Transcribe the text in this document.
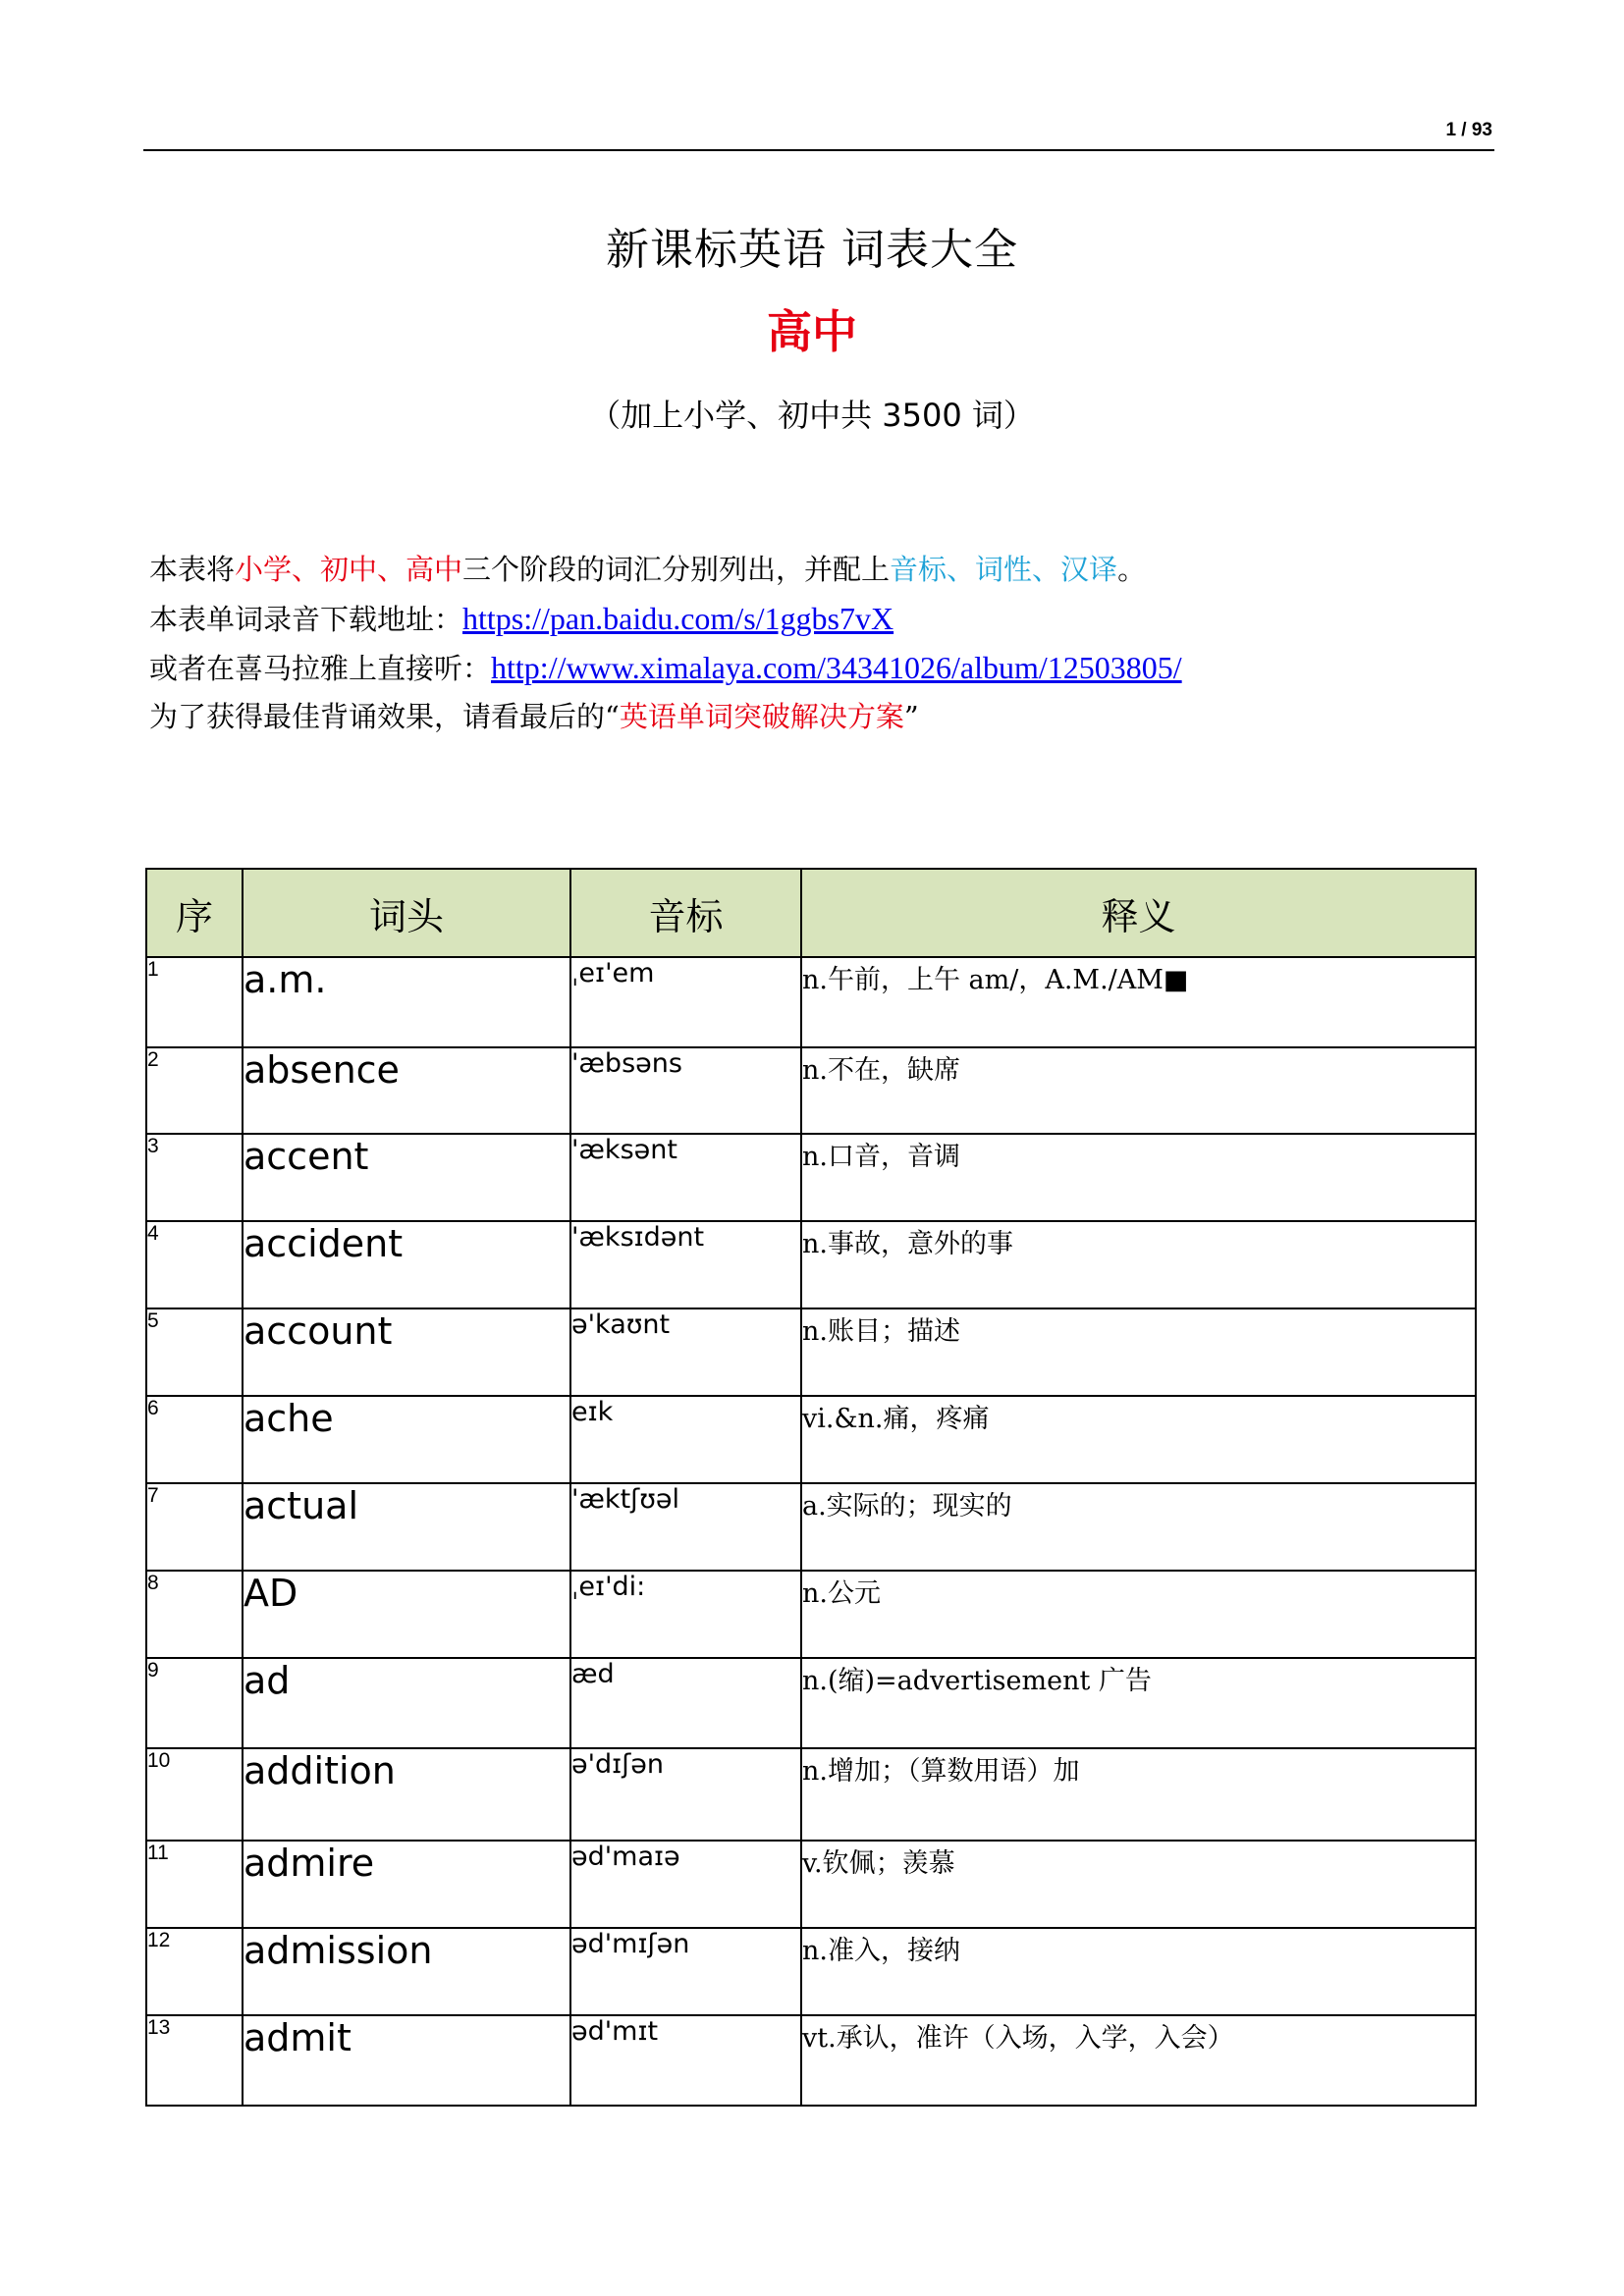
1 / 93
新课标英语 词表大全
高中
（加上小学、初中共 3500 词）
本表将小学、初中、高中三个阶段的词汇分别列出，并配上音标、词性、汉译。
本表单词录音下载地址：https://pan.baidu.com/s/1ggbs7vX
或者在喜马拉雅上直接听：http://www.ximalaya.com/34341026/album/12503805/
为了获得最佳背诵效果，请看最后的“英语单词突破解决方案”
序	词头	音标	释义
1	a.m.	ˌeɪ'em	n.午前，上午 am/，A.M./AM■
2	absence	'æbsəns	n.不在，缺席
3	accent	'æksənt	n.口音，音调
4	accident	'æksɪdənt	n.事故，意外的事
5	account	ə'kaʊnt	n.账目；描述
6	ache	eɪk	vi.&n.痛，疼痛
7	actual	'æktʃʊəl	a.实际的；现实的
8	AD	ˌeɪ'di:	n.公元
9	ad	æd	n.(缩)=advertisement 广告
10	addition	ə'dɪʃən	n.增加；（算数用语）加
11	admire	əd'maɪə	v.钦佩；羡慕
12	admission	əd'mɪʃən	n.准入，接纳
13	admit	əd'mɪt	vt.承认，准许（入场，入学，入会）
